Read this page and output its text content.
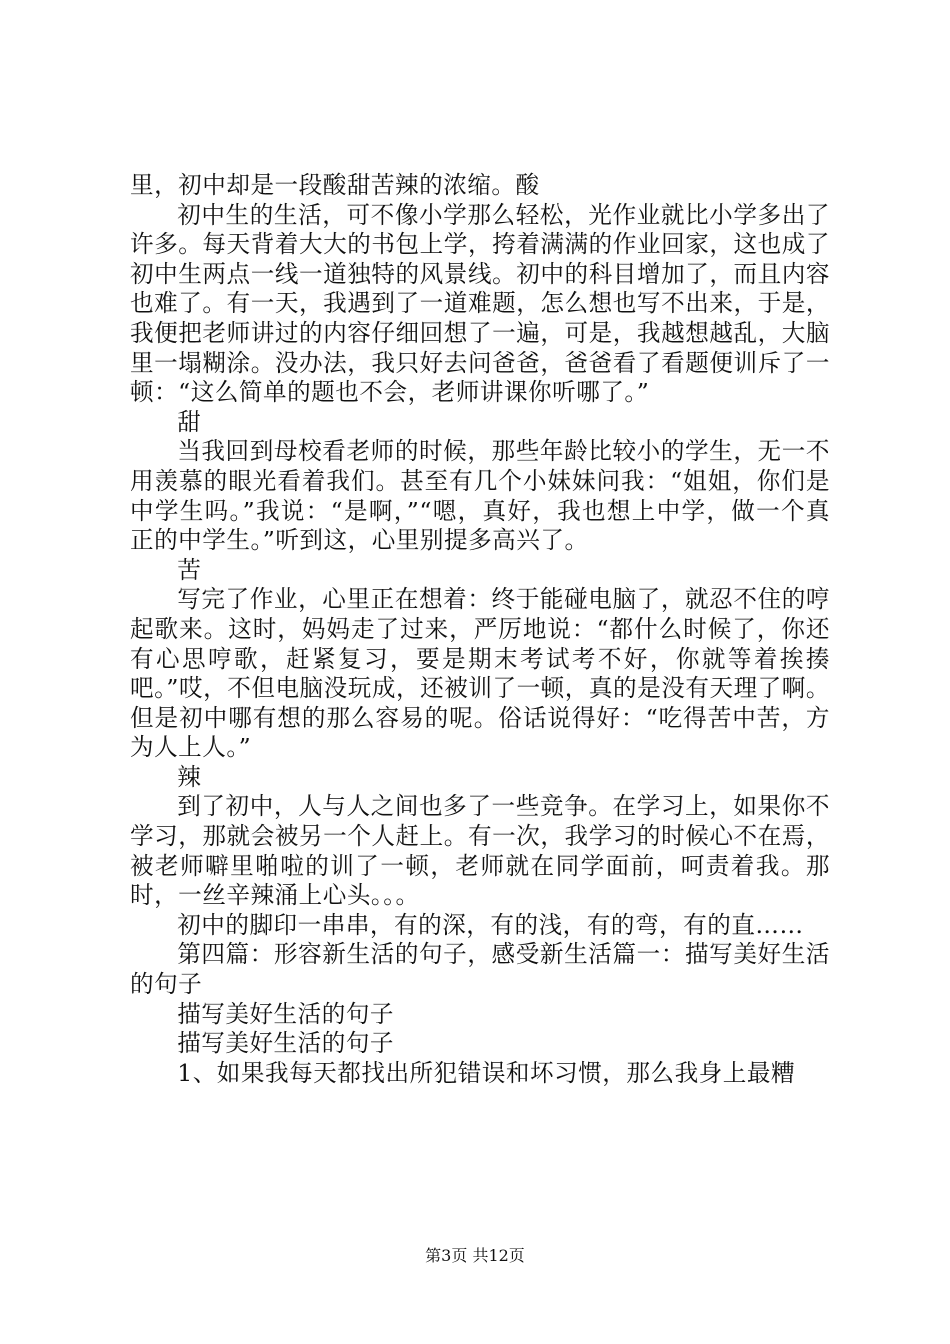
里，初中却是一段酸甜苦辣的浓缩。酸

初中生的生活，可不像小学那么轻松，光作业就比小学多出了许多。每天背着大大的书包上学，挎着满满的作业回家，这也成了初中生两点一线一道独特的风景线。初中的科目增加了，而且内容也难了。有一天，我遇到了一道难题，怎么想也写不出来，于是，我便把老师讲过的内容仔细回想了一遍，可是，我越想越乱，大脑里一塌糊涂。没办法，我只好去问爸爸，爸爸看了看题便训斥了一顿：“这么简单的题也不会，老师讲课你听哪了。”

甜

当我回到母校看老师的时候，那些年龄比较小的学生，无一不用羡慕的眼光看着我们。甚至有几个小妹妹问我：“姐姐，你们是中学生吗。”我说：“是啊，”“嗯，真好，我也想上中学，做一个真正的中学生。”听到这，心里别提多高兴了。

苦

写完了作业，心里正在想着：终于能碰电脑了，就忍不住的哼起歌来。这时，妈妈走了过来，严厉地说：“都什么时候了，你还有心思哼歌，赶紧复习，要是期末考试考不好，你就等着挨揍吧。”哎，不但电脑没玩成，还被训了一顿，真的是没有天理了啊。但是初中哪有想的那么容易的呢。俗话说得好：“吃得苦中苦，方为人上人。”

辣

到了初中，人与人之间也多了一些竞争。在学习上，如果你不学习，那就会被另一个人赶上。有一次，我学习的时候心不在焉，被老师噼里啪啦的训了一顿，老师就在同学面前，呵责着我。那时，一丝辛辣涌上心头。。。

初中的脚印一串串，有的深，有的浅，有的弯，有的直……

第四篇：形容新生活的句子，感受新生活篇一：描写美好生活的句子

描写美好生活的句子

描写美好生活的句子

1、如果我每天都找出所犯错误和坏习惯，那么我身上最糟

第3页 共12页
